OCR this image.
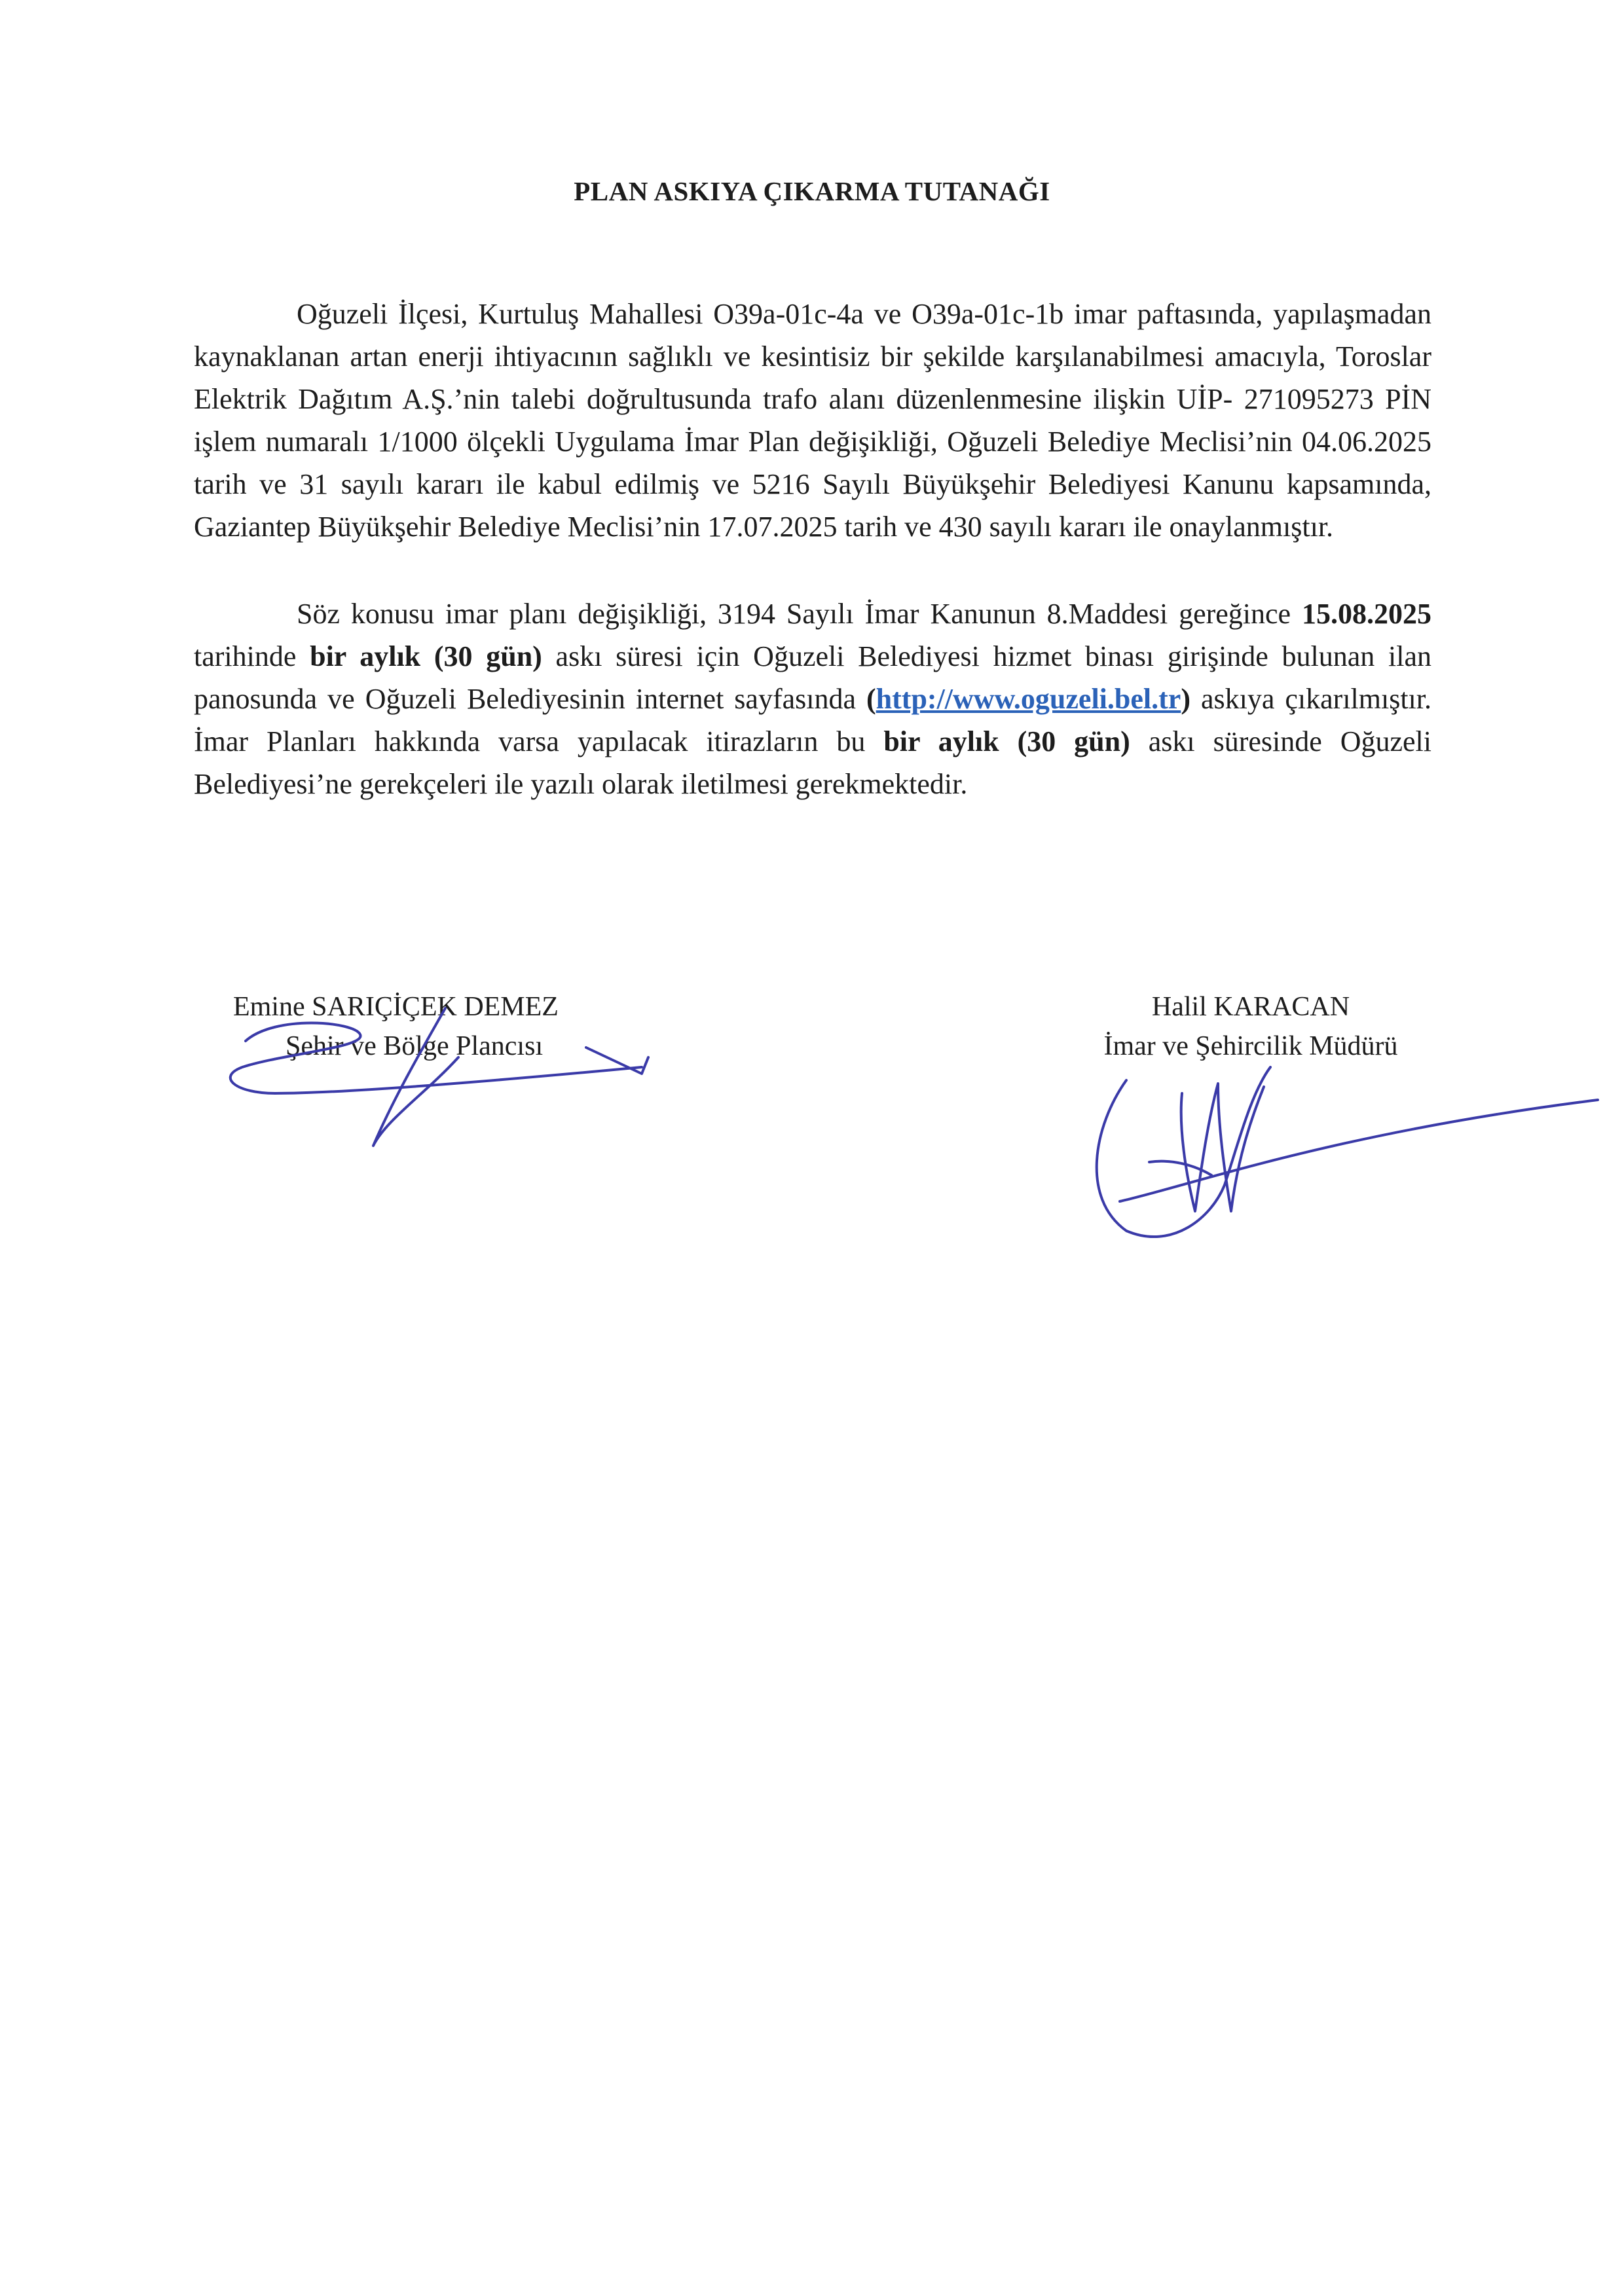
PLAN ASKIYA ÇIKARMA TUTANAĞI

Oğuzeli İlçesi, Kurtuluş Mahallesi O39a-01c-4a ve O39a-01c-1b imar paftasında, yapılaşmadan kaynaklanan artan enerji ihtiyacının sağlıklı ve kesintisiz bir şekilde karşılanabilmesi amacıyla, Toroslar Elektrik Dağıtım A.Ş.’nin talebi doğrultusunda trafo alanı düzenlenmesine ilişkin UİP- 271095273 PİN işlem numaralı 1/1000 ölçekli Uygulama İmar Plan değişikliği, Oğuzeli Belediye Meclisi’nin 04.06.2025 tarih ve 31 sayılı kararı ile kabul edilmiş ve 5216 Sayılı Büyükşehir Belediyesi Kanunu kapsamında, Gaziantep Büyükşehir Belediye Meclisi’nin 17.07.2025 tarih ve 430 sayılı kararı ile onaylanmıştır.

Söz konusu imar planı değişikliği, 3194 Sayılı İmar Kanunun 8.Maddesi gereğince 15.08.2025 tarihinde bir aylık (30 gün) askı süresi için Oğuzeli Belediyesi hizmet binası girişinde bulunan ilan panosunda ve Oğuzeli Belediyesinin internet sayfasında (http://www.oguzeli.bel.tr) askıya çıkarılmıştır. İmar Planları hakkında varsa yapılacak itirazların bu bir aylık (30 gün) askı süresinde Oğuzeli Belediyesi’ne gerekçeleri ile yazılı olarak iletilmesi gerekmektedir.

Emine SARIÇİÇEK DEMEZ
Şehir ve Bölge Plancısı
Halil KARACAN
İmar ve Şehircilik Müdürü
